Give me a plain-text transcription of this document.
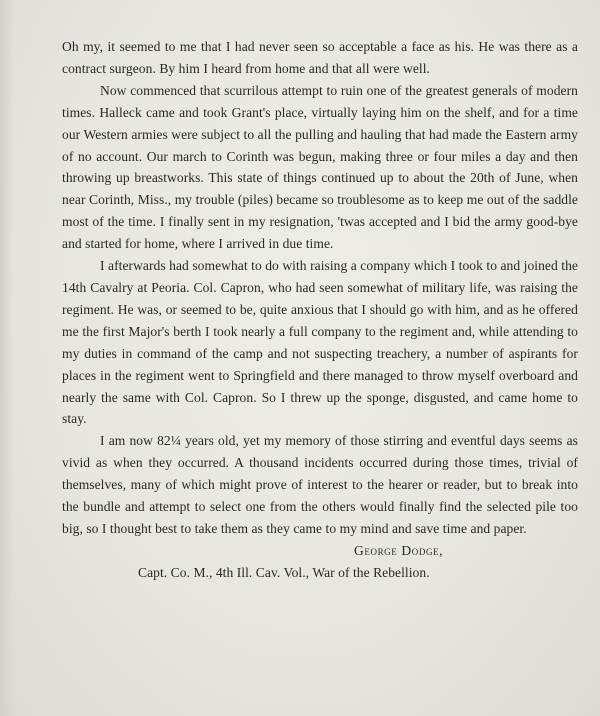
Oh my, it seemed to me that I had never seen so acceptable a face as his. He was there as a contract surgeon. By him I heard from home and that all were well.

Now commenced that scurrilous attempt to ruin one of the greatest generals of modern times. Halleck came and took Grant's place, virtually laying him on the shelf, and for a time our Western armies were subject to all the pulling and hauling that had made the Eastern army of no account. Our march to Corinth was begun, making three or four miles a day and then throwing up breastworks. This state of things continued up to about the 20th of June, when near Corinth, Miss., my trouble (piles) became so troublesome as to keep me out of the saddle most of the time. I finally sent in my resignation, 'twas accepted and I bid the army good-bye and started for home, where I arrived in due time.

I afterwards had somewhat to do with raising a company which I took to and joined the 14th Cavalry at Peoria. Col. Capron, who had seen somewhat of military life, was raising the regiment. He was, or seemed to be, quite anxious that I should go with him, and as he offered me the first Major's berth I took nearly a full company to the regiment and, while attending to my duties in command of the camp and not suspecting treachery, a number of aspirants for places in the regiment went to Springfield and there managed to throw myself overboard and nearly the same with Col. Capron. So I threw up the sponge, disgusted, and came home to stay.

I am now 82¼ years old, yet my memory of those stirring and eventful days seems as vivid as when they occurred. A thousand incidents occurred during those times, trivial of themselves, many of which might prove of interest to the hearer or reader, but to break into the bundle and attempt to select one from the others would finally find the selected pile too big, so I thought best to take them as they came to my mind and save time and paper.

George Dodge,

Capt. Co. M., 4th Ill. Cav. Vol., War of the Rebellion.
